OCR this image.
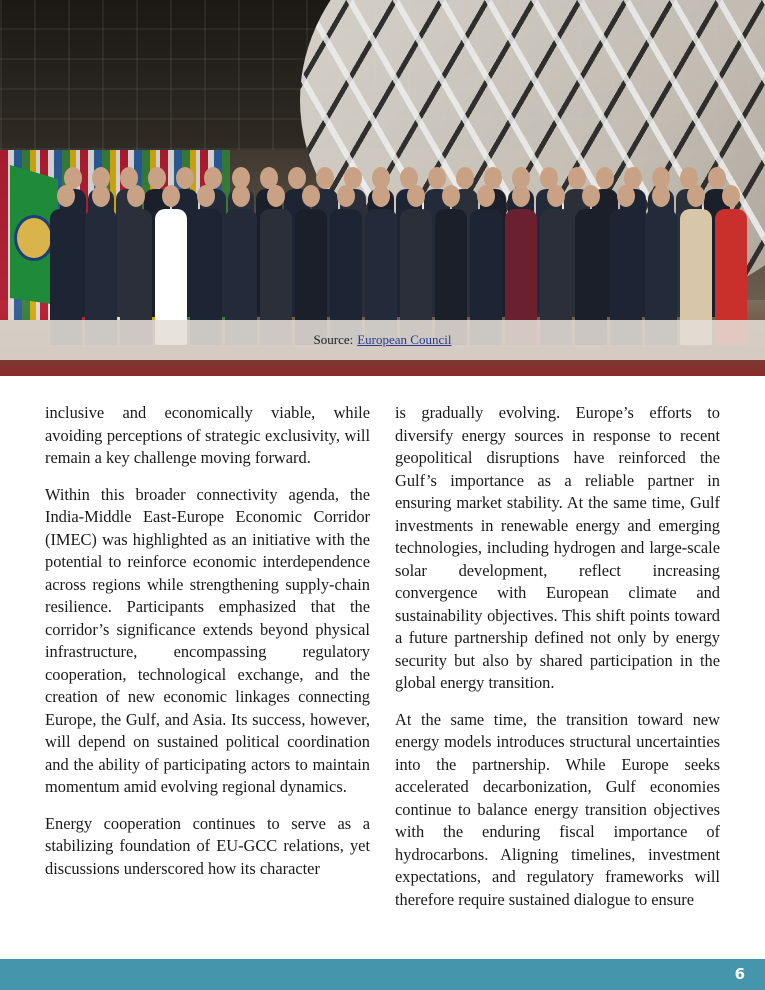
Source: European Council

inclusive and economically viable, while avoiding perceptions of strategic exclusivity, will remain a key challenge moving forward.

Within this broader connectivity agenda, the India-Middle East-Europe Economic Corridor (IMEC) was highlighted as an initiative with the potential to reinforce economic interdependence across regions while strengthening supply-chain resilience. Participants emphasized that the corridor’s significance extends beyond physical infrastructure, encompassing regulatory cooperation, technological exchange, and the creation of new economic linkages connecting Europe, the Gulf, and Asia. Its success, however, will depend on sustained political coordination and the ability of participating actors to maintain momentum amid evolving regional dynamics.

Energy cooperation continues to serve as a stabilizing foundation of EU-GCC relations, yet discussions underscored how its character

is gradually evolving. Europe’s efforts to diversify energy sources in response to recent geopolitical disruptions have reinforced the Gulf’s importance as a reliable partner in ensuring market stability. At the same time, Gulf investments in renewable energy and emerging technologies, including hydrogen and large-scale solar development, reflect increasing convergence with European climate and sustainability objectives. This shift points toward a future partnership defined not only by energy security but also by shared participation in the global energy transition.

At the same time, the transition toward new energy models introduces structural uncertainties into the partnership. While Europe seeks accelerated decarbonization, Gulf economies continue to balance energy transition objectives with the enduring fiscal importance of hydrocarbons. Aligning timelines, investment expectations, and regulatory frameworks will therefore require sustained dialogue to ensure

6
